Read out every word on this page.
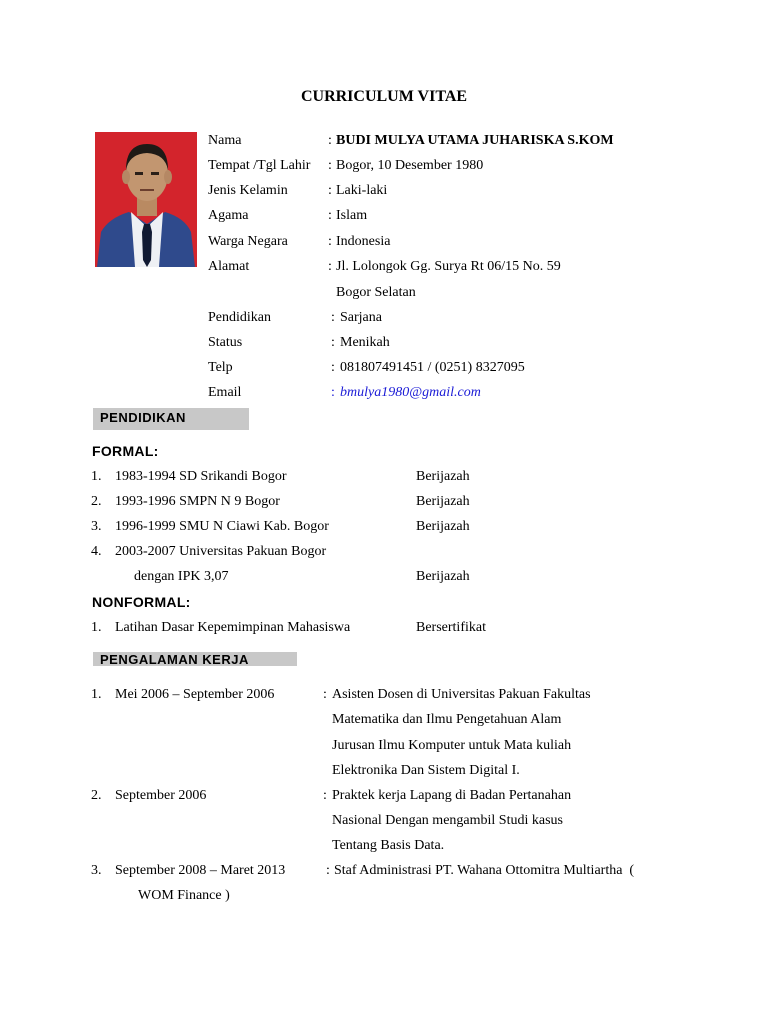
CURRICULUM VITAE
Nama	: BUDI MULYA UTAMA JUHARISKA S.KOM
Tempat /Tgl Lahir : Bogor, 10 Desember 1980
Jenis Kelamin	: Laki-laki
Agama	: Islam
Warga Negara	: Indonesia
Alamat	: Jl. Lolongok Gg. Surya Rt 06/15 No. 59
Bogor Selatan
Pendidikan	: Sarjana
Status	: Menikah
Telp	: 081807491451 / (0251) 8327095
Email	: bmulya1980@gmail.com
PENDIDIKAN
FORMAL:
1. 1983-1994 SD Srikandi Bogor	Berijazah
2. 1993-1996 SMPN N 9 Bogor	Berijazah
3. 1996-1999 SMU N Ciawi Kab. Bogor	Berijazah
4. 2003-2007 Universitas Pakuan Bogor
dengan IPK 3,07	Berijazah
NONFORMAL:
1. Latihan Dasar Kepemimpinan Mahasiswa	Bersertifikat
PENGALAMAN KERJA
1. Mei 2006 – September 2006	: Asisten Dosen di Universitas Pakuan Fakultas
Matematika dan Ilmu Pengetahuan Alam
Jurusan Ilmu Komputer untuk Mata kuliah
Elektronika Dan Sistem Digital I.
2. September 2006	: Praktek kerja Lapang di Badan Pertanahan
Nasional Dengan mengambil Studi kasus
Tentang Basis Data.
3. September 2008 – Maret 2013	: Staf Administrasi PT. Wahana Ottomitra Multiartha  (
WOM Finance )
